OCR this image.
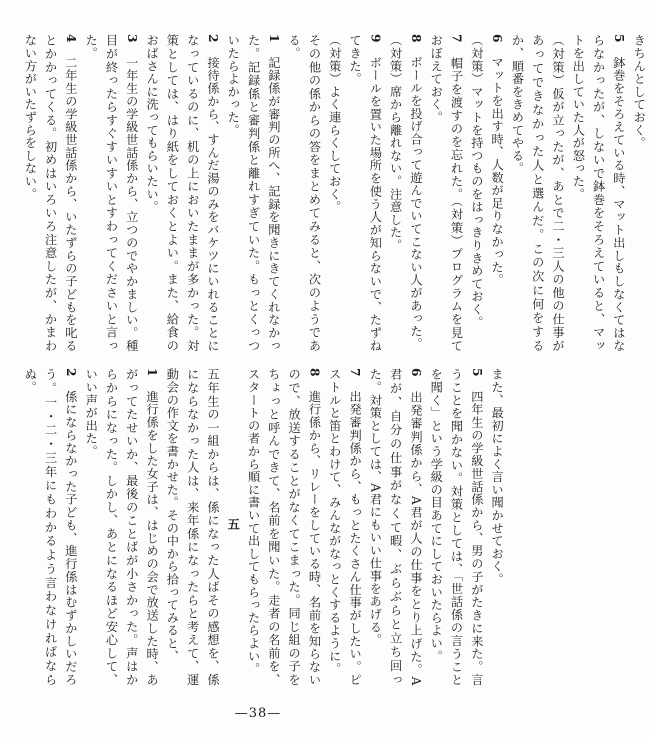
きちんとしておく。

5　鉢巻をそろえている時、マット出しもしなくてはならなかったが、しないで鉢巻をそろえていると、マットを出していた人が怒った。

（対策）仮が立ったが、あとで二・三人の他の仕事があってできなかった人と選んだ。この次に何をするか、順番をきめてやる。

6　マットを出す時、人数が足りなかった。

（対策）マットを持つものをはっきりきめておく。

7　帽子を渡すのを忘れた。（対策）プログラムを見ておぼえておく。

8　ボールを投げ合って遊んでいてこない人があった。

（対策）席から離れない。注意した。

9　ボールを置いた場所を使う人が知らないで、たずねてきた。

（対策）よく連らくしておく。

その他の係からの答をまとめてみると、次のようである。

1　記録係が審判の所へ、記録を聞きにきてくれなかった。記録係と審判係と離れすぎていた。もっとくっついたらよかった。

2　接待係から、すんだ湯のみをバケツにいれることになっているのに、机の上においたままが多かった。対策としては、はり紙をしておくとよい。また、給食のおばさんに洗ってもらいたい。

3　一年生の学級世話係から、立つのでやかましい。種目が終ったらすぐすいすいとすわってくださいと言った。

4　二年生の学級世話係から、いたずらの子どもを叱るとかかってくる。初めはいろいろ注意したが、かまわない方がいたずらをしない。

また、最初によく言い聞かせておく。

5　四年生の学級世話係から、男の子がたきに来た。言うことを聞かない。対策としては、「世話係の言うことを聞く」という学級の目あてにしておいたらよい。

6　出発審判係から、A君が人の仕事をとり上げた。A君が、自分の仕事がなくて暇、ぶらぶらと立ち回った。対策としては、A君にもいい仕事をあげる。

7　出発審判係から、もっとたくさん仕事がしたい。ピストルと笛とわけて、みんながなっとくするように。

8　進行係から、リレーをしている時、名前を知らないので、放送することがなくてこまった。同じ組の子をちょっと呼んできて、名前を聞いた。走者の名前を、スタートの者から順に書いて出してもらったらよい。

五

五年生の一組からは、係になった人ばその感想を、係にならなかった人は、来年係になったらと考えて、運動会の作文を書かせた。その中から拾ってみると、

1　進行係をした女子は、はじめの会で放送した時、あがってたせいか、最後のことばが小さかった。声はからからになった。しかし、あとになるほど安心して、いい声が出た。

2　係にならなかった子ども、進行係はむずかしいだろう。一・二・三年にもわかるよう言わなければならぬ。

—38—
